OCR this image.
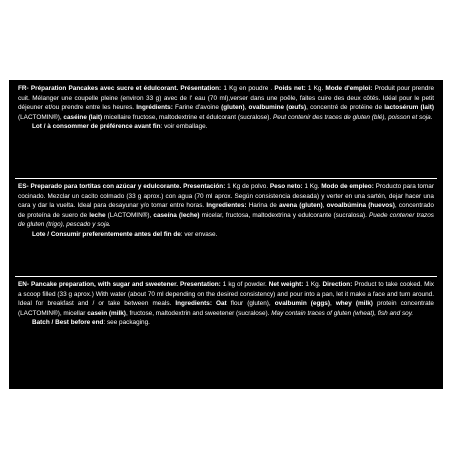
FR- Préparation Pancakes avec sucre et édulcorant. Présentation: 1 Kg en poudre . Poids net: 1 Kg. Mode d'emploi: Produit pour prendre cuit. Mélanger une coupelle pleine (environ 33 g) avec de l' eau (70 ml),verser dans une poêle, faites cuire des deux côtés. Idéal pour le petit déjeuner et/ou prendre entre les heures. Ingrédients: Farine d'avoine (gluten), ovalbumine (œufs), concentré de protéine de lactosérum (lait) (LACTOMIN®), caséine (lait) micellaire fructose, maltodextrine et édulcorant (sucralose). Peut contenir des traces de gluten (blé), poisson et soja.

Lot / à consommer de préférence avant fin: voir emballage.

ES- Preparado para tortitas con azúcar y edulcorante. Presentación: 1 Kg de polvo. Peso neto: 1 Kg. Modo de empleo: Producto para tomar cocinado. Mezclar un cacito colmado (33 g aprox.) con agua (70 ml aprox. Según consistencia deseada) y verter en una sartén, dejar hacer una cara y dar la vuelta. Ideal para desayunar y/o tomar entre horas. Ingredientes: Harina de avena (gluten), ovoalbúmina (huevos), concentrado de proteína de suero de leche (LACTOMIN®), caseína (leche) micelar, fructosa, maltodextrina y edulcorante (sucralosa). Puede contener trazos de gluten (trigo), pescado y soja.

Lote / Consumir preferentemente antes del fin de: ver envase.

EN- Pancake preparation, with sugar and sweetener. Presentation: 1 kg of powder. Net weight: 1 Kg. Direction: Product to take cooked. Mix a scoop filled (33 g aprox.) With water (about 70 ml depending on the desired consistency) and pour into a pan, let it make a face and turn around. Ideal for breakfast and / or take between meals. Ingredients: Oat flour (gluten), ovalbumin (eggs), whey (milk) protein concentrate (LACTOMIN®), micellar casein (milk), fructose, maltodextrin and sweetener (sucralose). May contain traces of gluten (wheat), fish and soy.

Batch / Best before end: see packaging.
